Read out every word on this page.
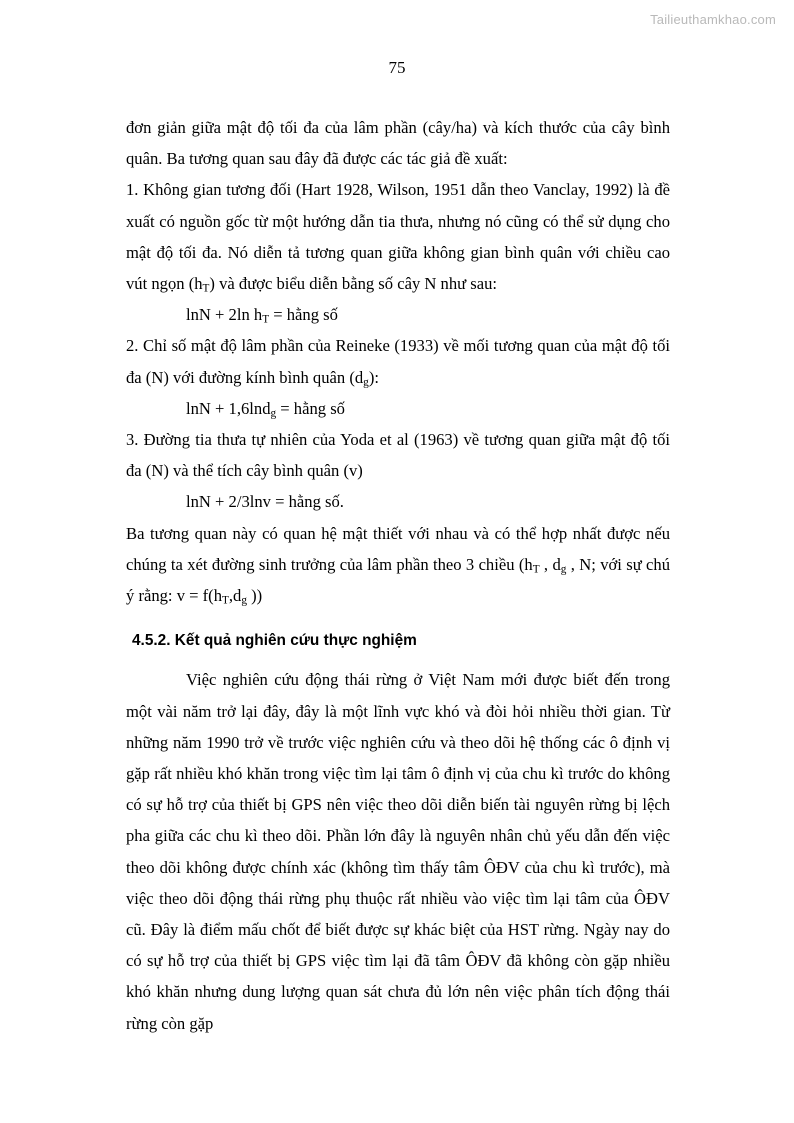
Tailieuthamkhao.com
75

đơn giản giữa mật độ tối đa của lâm phần (cây/ha) và kích thước của cây bình quân. Ba tương quan sau đây đã được các tác giả đề xuất:

1. Không gian tương đối (Hart 1928, Wilson, 1951 dẫn theo Vanclay, 1992) là đề xuất có nguồn gốc từ một hướng dẫn tia thưa, nhưng nó cũng có thể sử dụng cho mật độ tối đa. Nó diễn tả tương quan giữa không gian bình quân với chiều cao vút ngọn $(h_T)$ và được biểu diễn bằng số cây N như sau:

lnN + 2ln $h_T$ = hằng số

2. Chỉ số mật độ lâm phần của Reineke (1933) về mối tương quan của mật độ tối đa (N) với đường kính bình quân $(d_g)$:

lnN + 1,6lnd$_g$ = hằng số

3. Đường tia thưa tự nhiên của Yoda et al (1963) về tương quan giữa mật độ tối đa (N) và thể tích cây bình quân (v)

lnN + 2/3lnv = hằng số.

Ba tương quan này có quan hệ mật thiết với nhau và có thể hợp nhất được nếu chúng ta xét đường sinh trưởng của lâm phần theo 3 chiều ($h_T$ , $d_g$ , N; với sự chú ý rằng: $v = f(h_T,d_g$ ))

4.5.2. Kết quả nghiên cứu thực nghiệm

Việc nghiên cứu động thái rừng ở Việt Nam mới được biết đến trong một vài năm trở lại đây, đây là một lĩnh vực khó và đòi hỏi nhiều thời gian. Từ những năm 1990 trở về trước việc nghiên cứu và theo dõi hệ thống các ô định vị gặp rất nhiều khó khăn trong việc tìm lại tâm ô định vị của chu kì trước do không có sự hỗ trợ của thiết bị GPS nên việc theo dõi diễn biến tài nguyên rừng bị lệch pha giữa các chu kì theo dõi. Phần lớn đây là nguyên nhân chủ yếu dẫn đến việc theo dõi không được chính xác (không tìm thấy tâm ÔĐV của chu kì trước), mà việc theo dõi động thái rừng phụ thuộc rất nhiều vào việc tìm lại tâm của ÔĐV cũ. Đây là điểm mấu chốt để biết được sự khác biệt của HST rừng. Ngày nay do có sự hỗ trợ của thiết bị GPS việc tìm lại đã tâm ÔĐV đã không còn gặp nhiều khó khăn nhưng dung lượng quan sát chưa đủ lớn nên việc phân tích động thái rừng còn gặp
